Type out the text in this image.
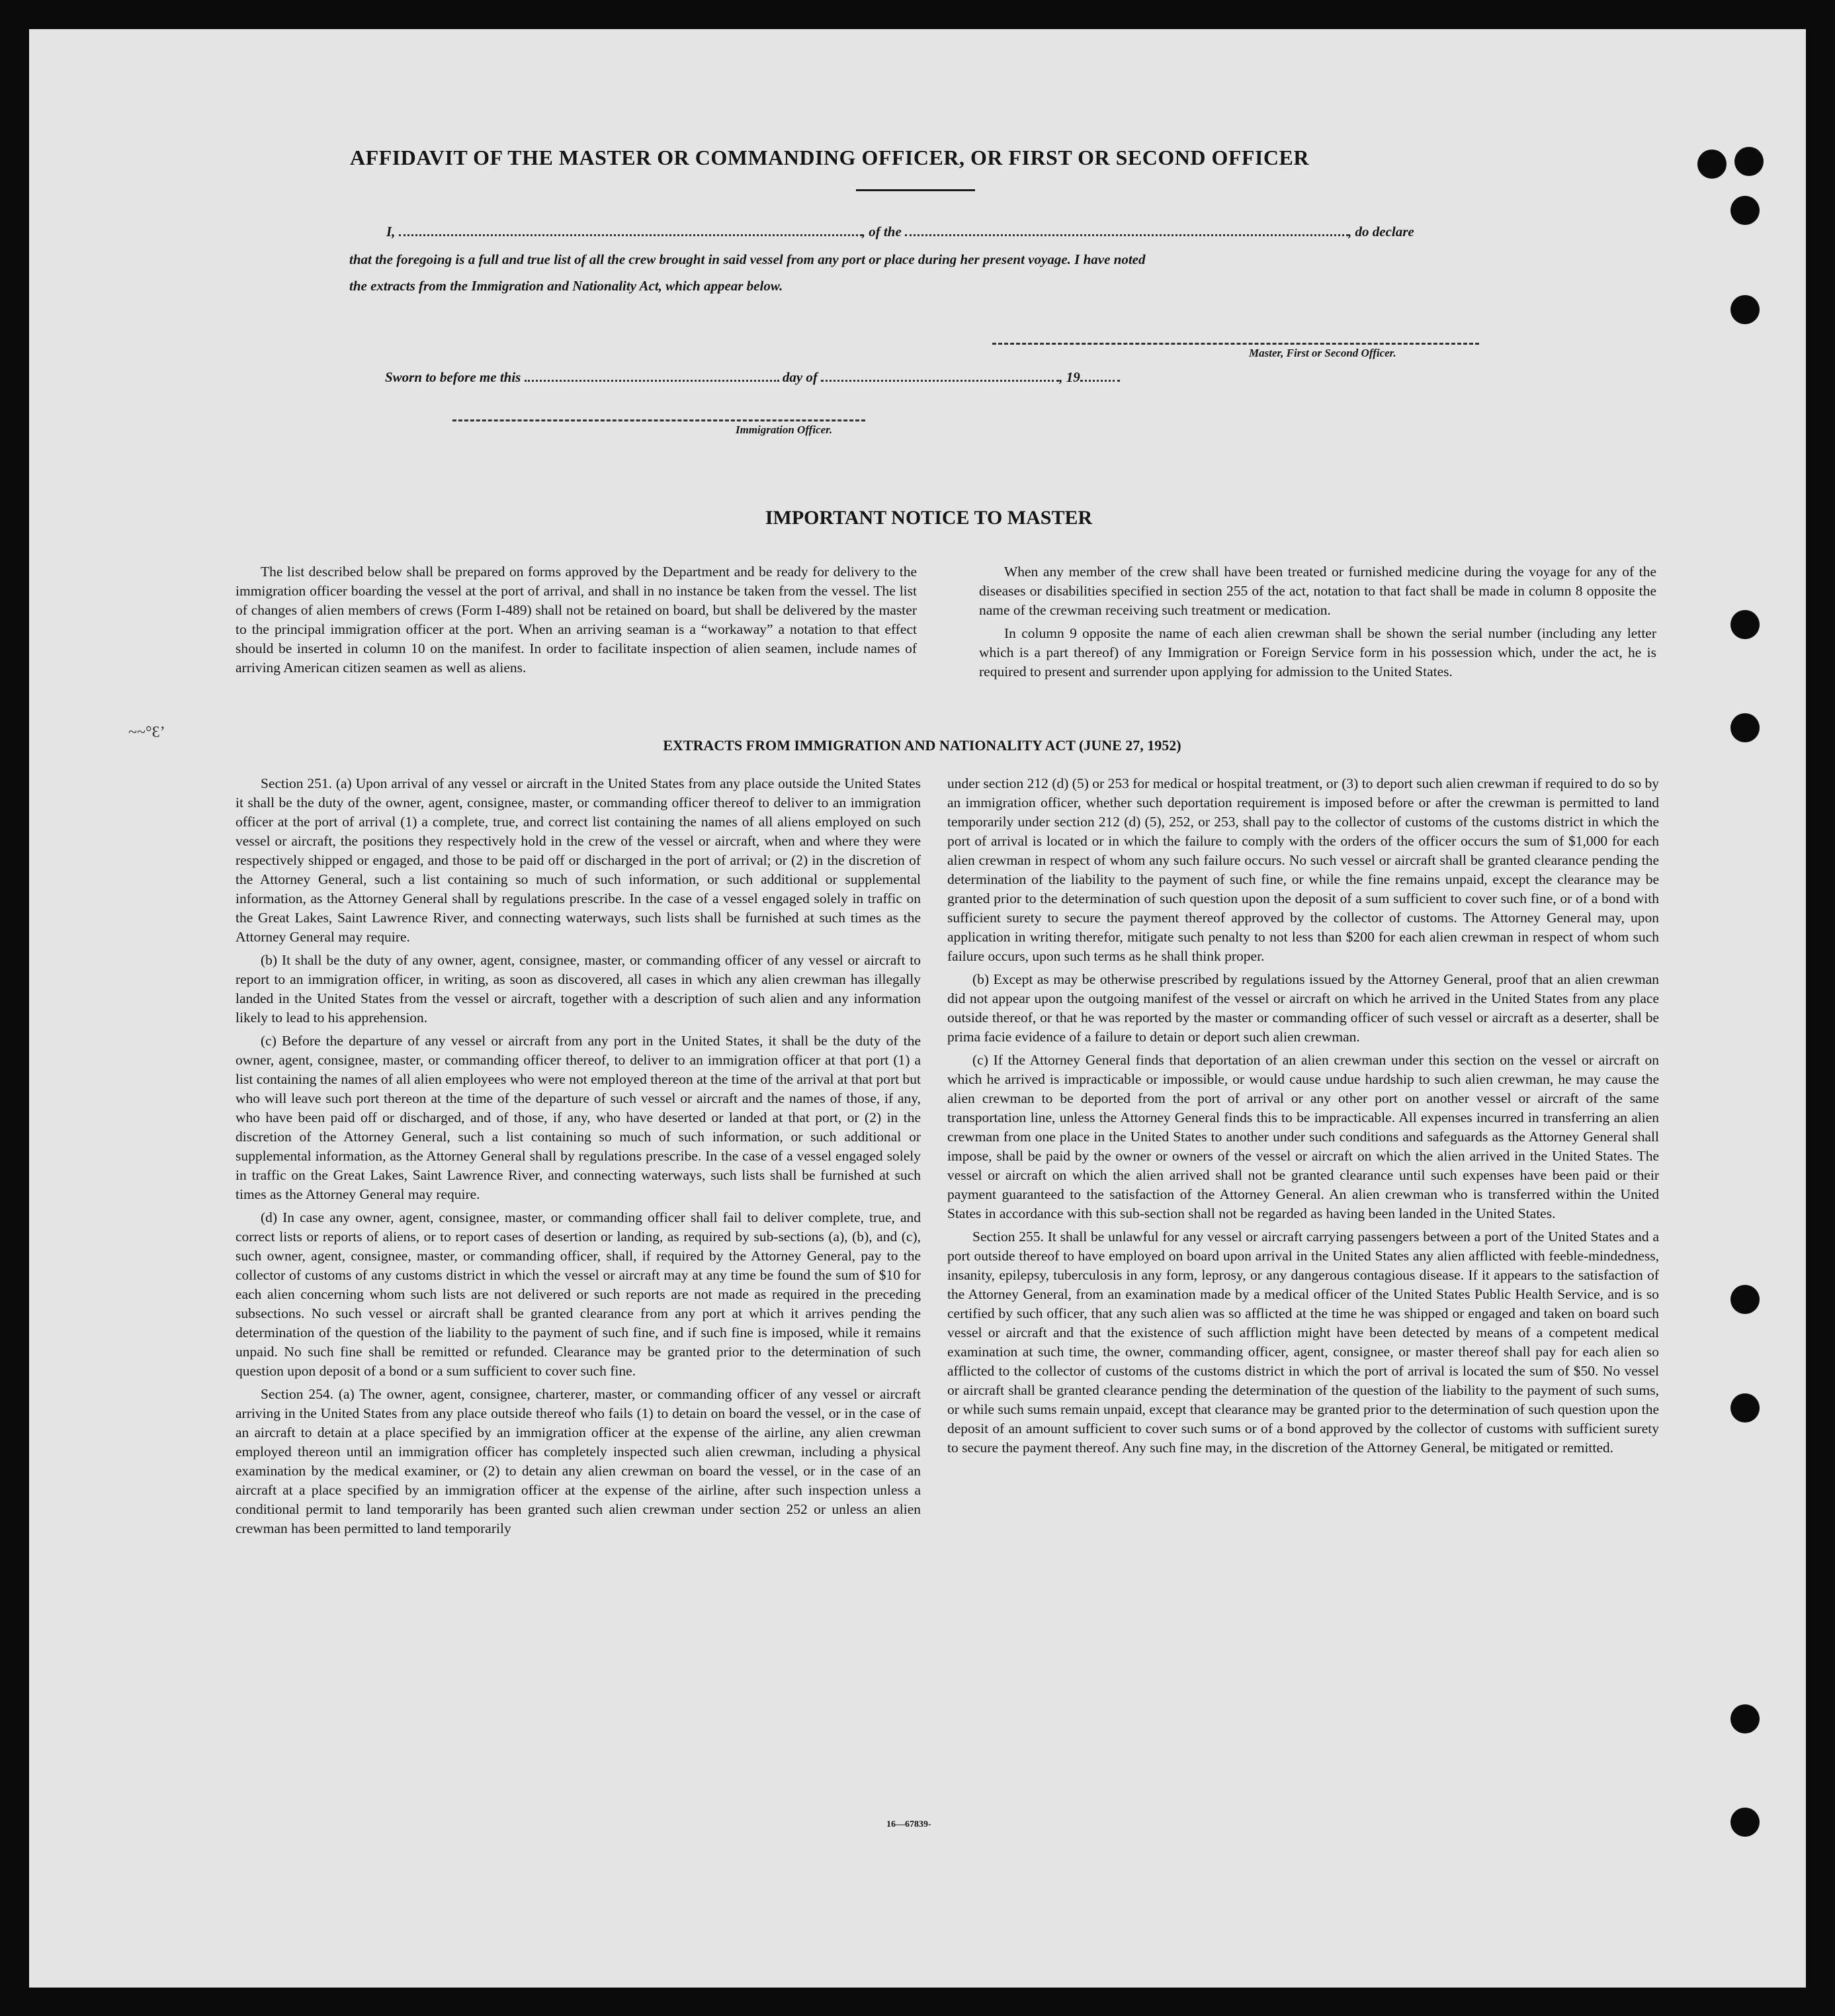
AFFIDAVIT OF THE MASTER OR COMMANDING OFFICER, OR FIRST OR SECOND OFFICER
I,	, of the	, do declare
that the foregoing is a full and true list of all the crew brought in said vessel from any port or place during her present voyage. I have noted
the extracts from the Immigration and Nationality Act, which appear below.
Master, First or Second Officer.
Sworn to before me this	day of	, 19
Immigration Officer.
IMPORTANT NOTICE TO MASTER

The list described below shall be prepared on forms approved by the Department and be ready for delivery to the immigration officer boarding the vessel at the port of arrival, and shall in no instance be taken from the vessel. The list of changes of alien members of crews (Form I-489) shall not be retained on board, but shall be delivered by the master to the principal immigration officer at the port. When an arriving seaman is a “workaway” a notation to that effect should be inserted in column 10 on the manifest. In order to facilitate inspection of alien seamen, include names of arriving American citizen seamen as well as aliens.

When any member of the crew shall have been treated or furnished medicine during the voyage for any of the diseases or disabilities specified in section 255 of the act, notation to that fact shall be made in column 8 opposite the name of the crewman receiving such treatment or medication.

In column 9 opposite the name of each alien crewman shall be shown the serial number (including any letter which is a part thereof) of any Immigration or Foreign Service form in his possession which, under the act, he is required to present and surrender upon applying for admission to the United States.

EXTRACTS FROM IMMIGRATION AND NATIONALITY ACT (JUNE 27, 1952)

Section 251. (a) Upon arrival of any vessel or aircraft in the United States from any place outside the United States it shall be the duty of the owner, agent, consignee, master, or commanding officer thereof to deliver to an immigration officer at the port of arrival (1) a complete, true, and correct list containing the names of all aliens employed on such vessel or aircraft, the positions they respectively hold in the crew of the vessel or aircraft, when and where they were respectively shipped or engaged, and those to be paid off or discharged in the port of arrival; or (2) in the discretion of the Attorney General, such a list containing so much of such information, or such additional or supplemental information, as the Attorney General shall by regulations prescribe. In the case of a vessel engaged solely in traffic on the Great Lakes, Saint Lawrence River, and connecting waterways, such lists shall be furnished at such times as the Attorney General may require.

(b) It shall be the duty of any owner, agent, consignee, master, or commanding officer of any vessel or aircraft to report to an immigration officer, in writing, as soon as discovered, all cases in which any alien crewman has illegally landed in the United States from the vessel or aircraft, together with a description of such alien and any information likely to lead to his apprehension.

(c) Before the departure of any vessel or aircraft from any port in the United States, it shall be the duty of the owner, agent, consignee, master, or commanding officer thereof, to deliver to an immigration officer at that port (1) a list containing the names of all alien employees who were not employed thereon at the time of the arrival at that port but who will leave such port thereon at the time of the departure of such vessel or aircraft and the names of those, if any, who have been paid off or discharged, and of those, if any, who have deserted or landed at that port, or (2) in the discretion of the Attorney General, such a list containing so much of such information, or such additional or supplemental information, as the Attorney General shall by regulations prescribe. In the case of a vessel engaged solely in traffic on the Great Lakes, Saint Lawrence River, and connecting waterways, such lists shall be furnished at such times as the Attorney General may require.

(d) In case any owner, agent, consignee, master, or commanding officer shall fail to deliver complete, true, and correct lists or reports of aliens, or to report cases of desertion or landing, as required by sub-sections (a), (b), and (c), such owner, agent, consignee, master, or commanding officer, shall, if required by the Attorney General, pay to the collector of customs of any customs district in which the vessel or aircraft may at any time be found the sum of $10 for each alien concerning whom such lists are not delivered or such reports are not made as required in the preceding subsections. No such vessel or aircraft shall be granted clearance from any port at which it arrives pending the determination of the question of the liability to the payment of such fine, and if such fine is imposed, while it remains unpaid. No such fine shall be remitted or refunded. Clearance may be granted prior to the determination of such question upon deposit of a bond or a sum sufficient to cover such fine.

Section 254. (a) The owner, agent, consignee, charterer, master, or commanding officer of any vessel or aircraft arriving in the United States from any place outside thereof who fails (1) to detain on board the vessel, or in the case of an aircraft to detain at a place specified by an immigration officer at the expense of the airline, any alien crewman employed thereon until an immigration officer has completely inspected such alien crewman, including a physical examination by the medical examiner, or (2) to detain any alien crewman on board the vessel, or in the case of an aircraft at a place specified by an immigration officer at the expense of the airline, after such inspection unless a conditional permit to land temporarily has been granted such alien crewman under section 252 or unless an alien crewman has been permitted to land temporarily

under section 212 (d) (5) or 253 for medical or hospital treatment, or (3) to deport such alien crewman if required to do so by an immigration officer, whether such deportation requirement is imposed before or after the crewman is permitted to land temporarily under section 212 (d) (5), 252, or 253, shall pay to the collector of customs of the customs district in which the port of arrival is located or in which the failure to comply with the orders of the officer occurs the sum of $1,000 for each alien crewman in respect of whom any such failure occurs. No such vessel or aircraft shall be granted clearance pending the determination of the liability to the payment of such fine, or while the fine remains unpaid, except the clearance may be granted prior to the determination of such question upon the deposit of a sum sufficient to cover such fine, or of a bond with sufficient surety to secure the payment thereof approved by the collector of customs. The Attorney General may, upon application in writing therefor, mitigate such penalty to not less than $200 for each alien crewman in respect of whom such failure occurs, upon such terms as he shall think proper.

(b) Except as may be otherwise prescribed by regulations issued by the Attorney General, proof that an alien crewman did not appear upon the outgoing manifest of the vessel or aircraft on which he arrived in the United States from any place outside thereof, or that he was reported by the master or commanding officer of such vessel or aircraft as a deserter, shall be prima facie evidence of a failure to detain or deport such alien crewman.

(c) If the Attorney General finds that deportation of an alien crewman under this section on the vessel or aircraft on which he arrived is impracticable or impossible, or would cause undue hardship to such alien crewman, he may cause the alien crewman to be deported from the port of arrival or any other port on another vessel or aircraft of the same transportation line, unless the Attorney General finds this to be impracticable. All expenses incurred in transferring an alien crewman from one place in the United States to another under such conditions and safeguards as the Attorney General shall impose, shall be paid by the owner or owners of the vessel or aircraft on which the alien arrived in the United States. The vessel or aircraft on which the alien arrived shall not be granted clearance until such expenses have been paid or their payment guaranteed to the satisfaction of the Attorney General. An alien crewman who is transferred within the United States in accordance with this sub-section shall not be regarded as having been landed in the United States.

Section 255. It shall be unlawful for any vessel or aircraft carrying passengers between a port of the United States and a port outside thereof to have employed on board upon arrival in the United States any alien afflicted with feeble-mindedness, insanity, epilepsy, tuberculosis in any form, leprosy, or any dangerous contagious disease. If it appears to the satisfaction of the Attorney General, from an examination made by a medical officer of the United States Public Health Service, and is so certified by such officer, that any such alien was so afflicted at the time he was shipped or engaged and taken on board such vessel or aircraft and that the existence of such affliction might have been detected by means of a competent medical examination at such time, the owner, commanding officer, agent, consignee, or master thereof shall pay for each alien so afflicted to the collector of customs of the customs district in which the port of arrival is located the sum of $50. No vessel or aircraft shall be granted clearance pending the determination of the question of the liability to the payment of such sums, or while such sums remain unpaid, except that clearance may be granted prior to the determination of such question upon the deposit of an amount sufficient to cover such sums or of a bond approved by the collector of customs with sufficient surety to secure the payment thereof. Any such fine may, in the discretion of the Attorney General, be mitigated or remitted.

16—67839-
~~°Ɛ’
